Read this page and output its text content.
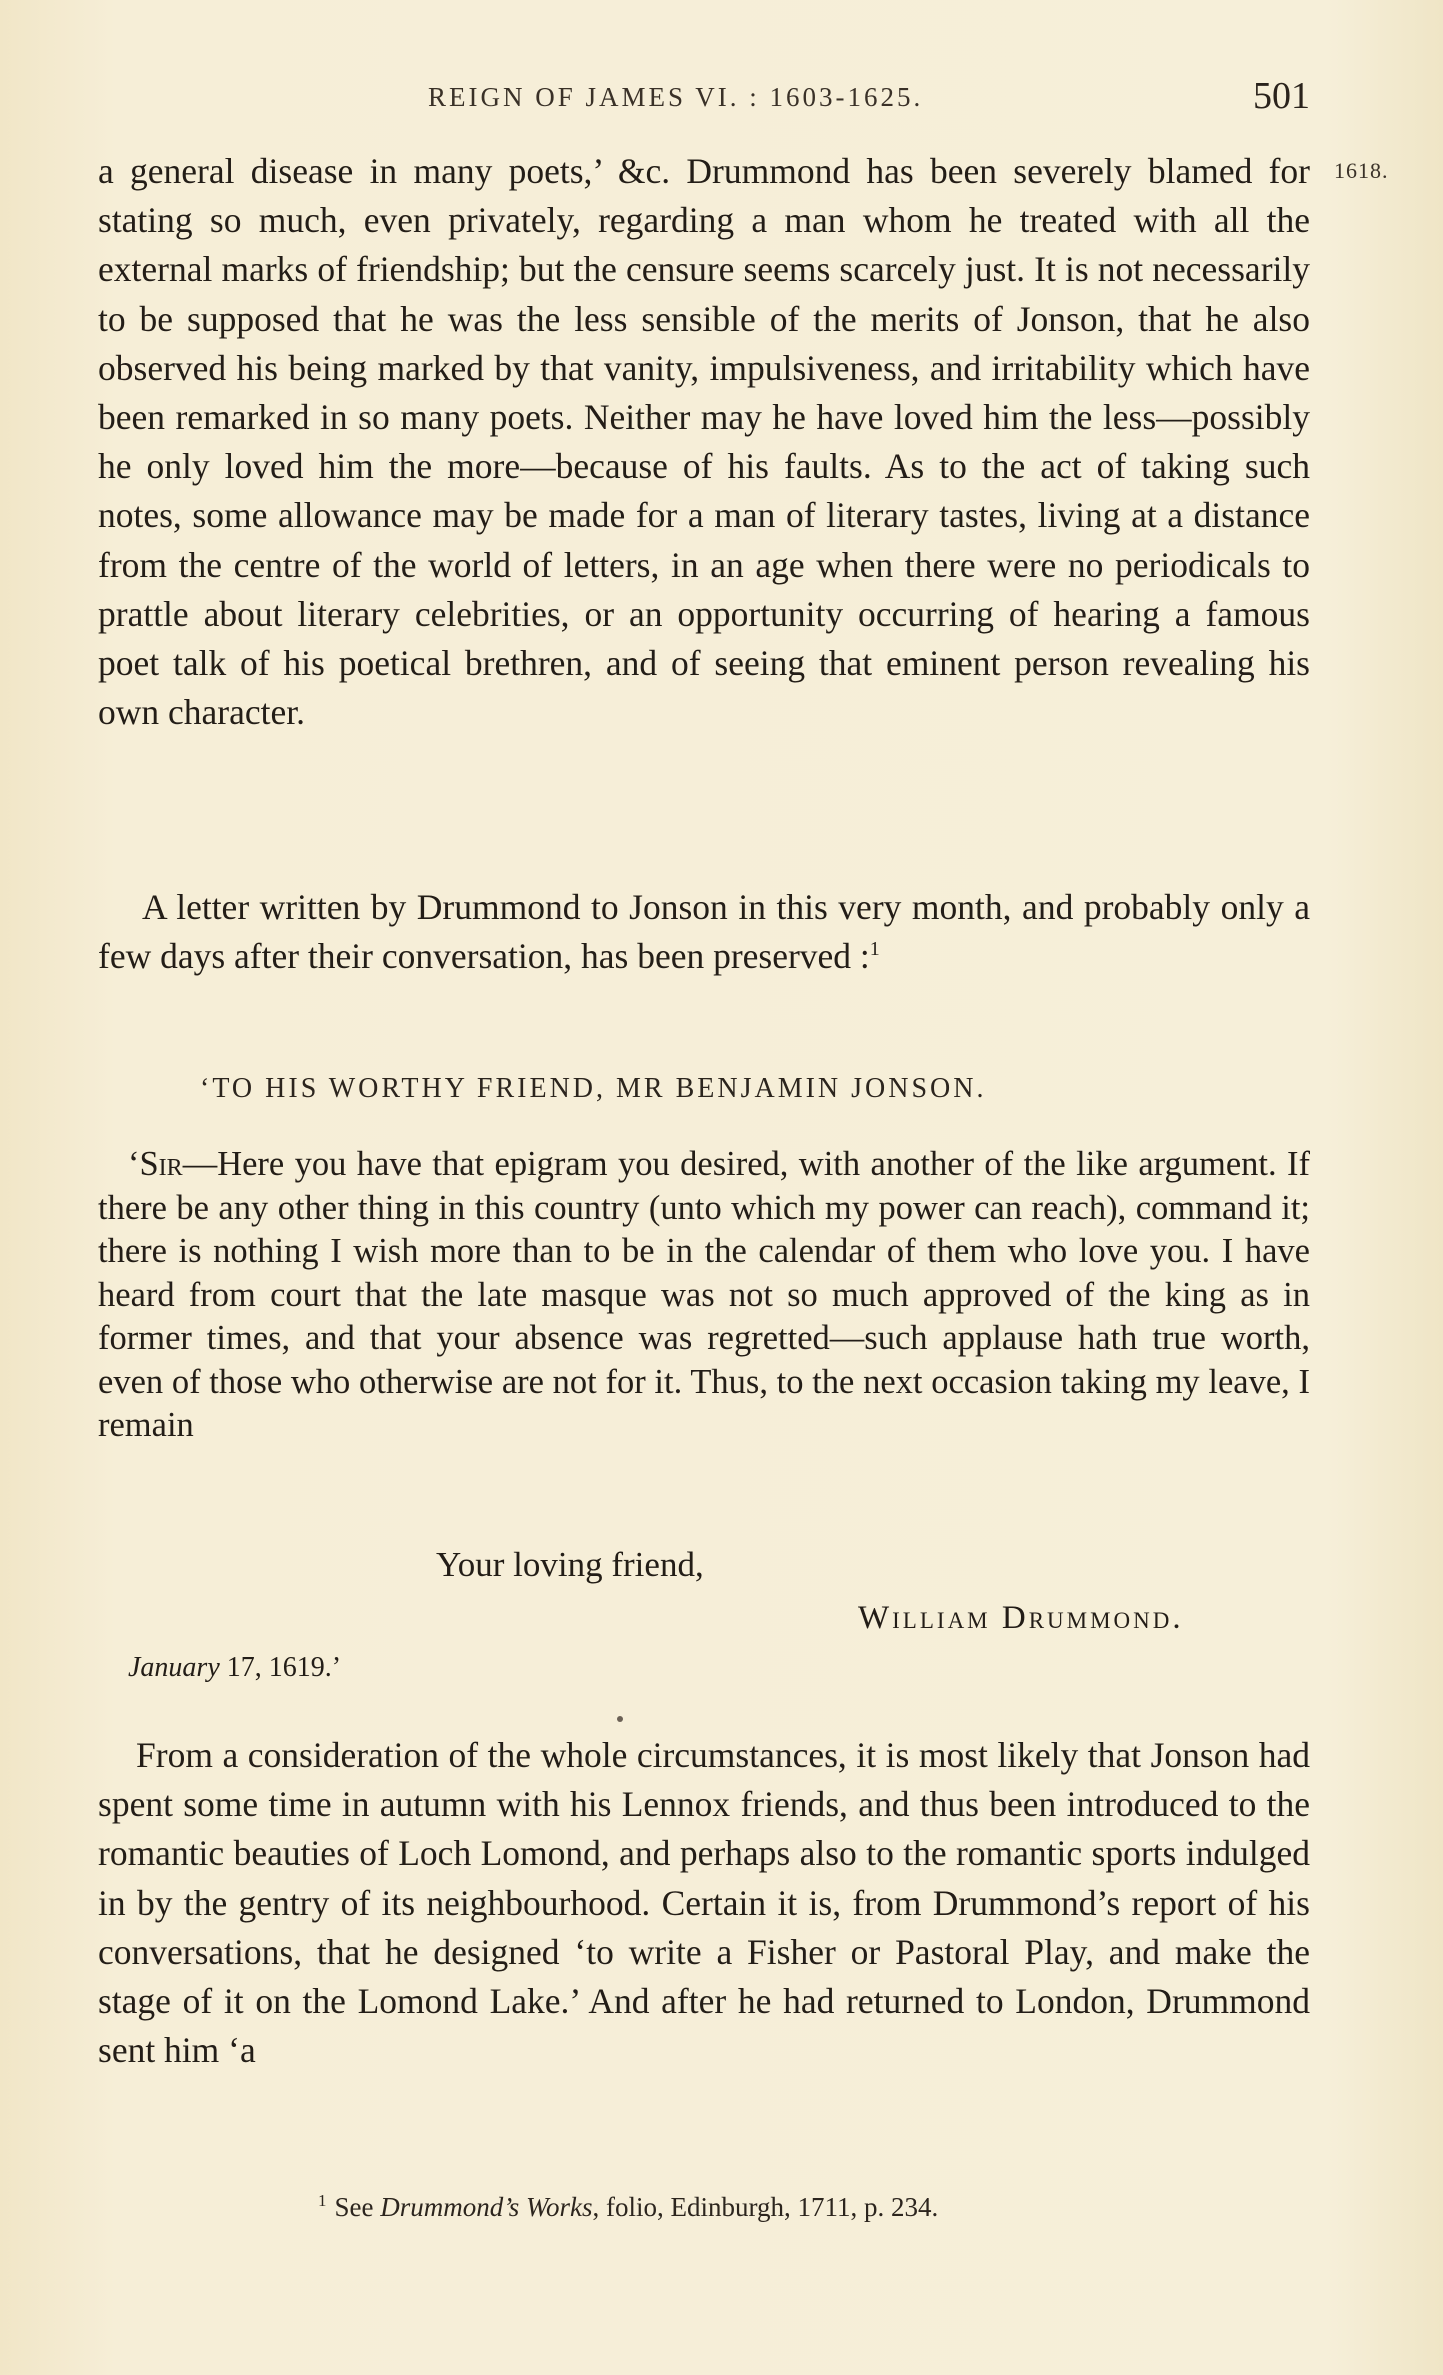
REIGN OF JAMES VI. : 1603-1625.	501
1618.

a general disease in many poets,’ &c. Drummond has been severely blamed for stating so much, even privately, regarding a man whom he treated with all the external marks of friendship; but the censure seems scarcely just. It is not necessarily to be supposed that he was the less sensible of the merits of Jonson, that he also observed his being marked by that vanity, impulsiveness, and irritability which have been remarked in so many poets. Neither may he have loved him the less—possibly he only loved him the more—because of his faults. As to the act of taking such notes, some allowance may be made for a man of literary tastes, living at a distance from the centre of the world of letters, in an age when there were no periodicals to prattle about literary celebrities, or an opportunity occurring of hearing a famous poet talk of his poetical brethren, and of seeing that eminent person revealing his own character.

A letter written by Drummond to Jonson in this very month, and probably only a few days after their conversation, has been preserved :$^1$

‘TO HIS WORTHY FRIEND, MR BENJAMIN JONSON.

‘Sir—Here you have that epigram you desired, with another of the like argument. If there be any other thing in this country (unto which my power can reach), command it; there is nothing I wish more than to be in the calendar of them who love you. I have heard from court that the late masque was not so much approved of the king as in former times, and that your absence was regretted—such applause hath true worth, even of those who otherwise are not for it. Thus, to the next occasion taking my leave, I remain

Your loving friend,
William Drummond.
January 17, 1619.’

From a consideration of the whole circumstances, it is most likely that Jonson had spent some time in autumn with his Lennox friends, and thus been introduced to the romantic beauties of Loch Lomond, and perhaps also to the romantic sports indulged in by the gentry of its neighbourhood. Certain it is, from Drummond’s report of his conversations, that he designed ‘to write a Fisher or Pastoral Play, and make the stage of it on the Lomond Lake.’ And after he had returned to London, Drummond sent him ‘a

$^1$ See Drummond’s Works, folio, Edinburgh, 1711, p. 234.
